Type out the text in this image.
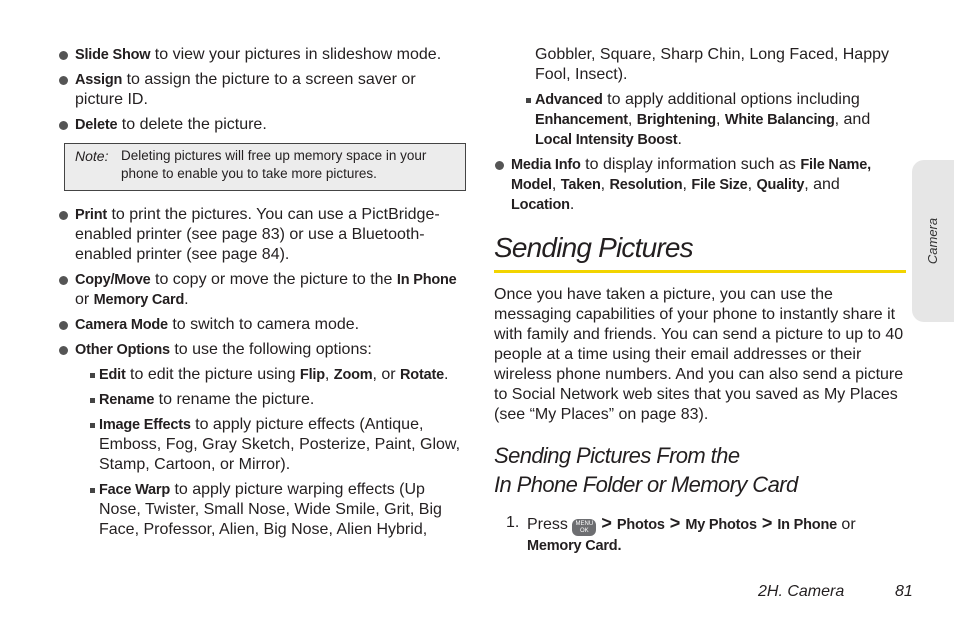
Slide Show to view your pictures in slideshow mode.
Assign to assign the picture to a screen saver or picture ID.
Delete to delete the picture.
Note: Deleting pictures will free up memory space in your phone to enable you to take more pictures.
Print to print the pictures. You can use a PictBridge-enabled printer (see page 83) or use a Bluetooth-enabled printer (see page 84).
Copy/Move to copy or move the picture to the In Phone or Memory Card.
Camera Mode to switch to camera mode.
Other Options to use the following options:
Edit to edit the picture using Flip, Zoom, or Rotate.
Rename to rename the picture.
Image Effects to apply picture effects (Antique, Emboss, Fog, Gray Sketch, Posterize, Paint, Glow, Stamp, Cartoon, or Mirror).
Face Warp to apply picture warping effects (Up Nose, Twister, Small Nose, Wide Smile, Grit, Big Face, Professor, Alien, Big Nose, Alien Hybrid,
Gobbler, Square, Sharp Chin, Long Faced, Happy Fool, Insect).
Advanced to apply additional options including Enhancement, Brightening, White Balancing, and Local Intensity Boost.
Media Info to display information such as File Name, Model, Taken, Resolution, File Size, Quality, and Location.
Sending Pictures

Once you have taken a picture, you can use the messaging capabilities of your phone to instantly share it with family and friends. You can send a picture to up to 40 people at a time using their email addresses or their wireless phone numbers. And you can also send a picture to Social Network web sites that you saved as My Places (see “My Places” on page 83).

Sending Pictures From the
In Phone Folder or Memory Card
1. Press MENU
OK > Photos > My Photos > In Phone or Memory Card.
Camera
2H. Camera	81
